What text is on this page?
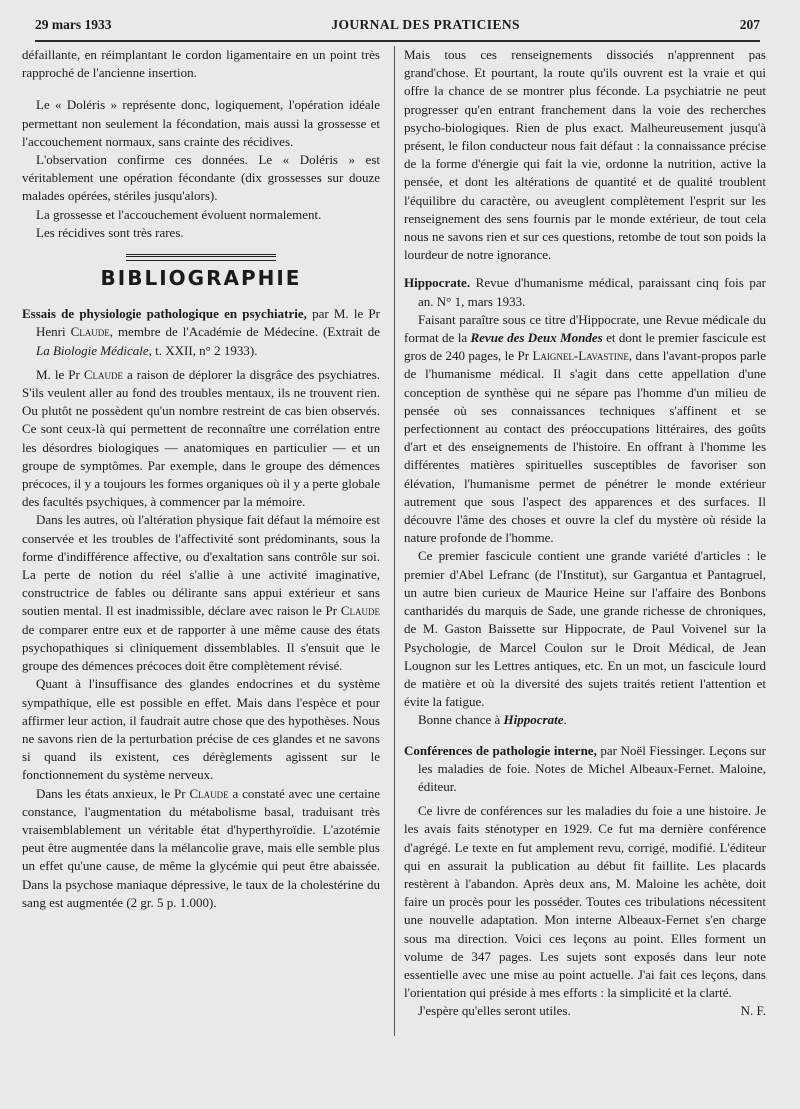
29 mars 1933	JOURNAL DES PRATICIENS	207

défaillante, en réimplantant le cordon ligamentaire en un point très rapproché de l'ancienne insertion.

Le « Doléris » représente donc, logiquement, l'opération idéale permettant non seulement la fécondation, mais aussi la grossesse et l'accouchement normaux, sans crainte des récidives.

L'observation confirme ces données. Le « Doléris » est véritablement une opération fécondante (dix grossesses sur douze malades opérées, stériles jusqu'alors).

La grossesse et l'accouchement évoluent normalement.

Les récidives sont très rares.

BIBLIOGRAPHIE

Essais de physiologie pathologique en psychiatrie, par M. le Pr Henri Claude, membre de l'Académie de Médecine. (Extrait de La Biologie Médicale, t. XXII, n° 2 1933).

M. le Pr Claude a raison de déplorer la disgrâce des psychiatres. S'ils veulent aller au fond des troubles mentaux, ils ne trouvent rien. Ou plutôt ne possèdent qu'un nombre restreint de cas bien observés. Ce sont ceux-là qui permettent de reconnaître une corrélation entre les désordres biologiques — anatomiques en particulier — et un groupe de symptômes. Par exemple, dans le groupe des démences précoces, il y a toujours les formes organiques où il y a perte globale des facultés psychiques, à commencer par la mémoire.

Dans les autres, où l'altération physique fait défaut la mémoire est conservée et les troubles de l'affectivité sont prédominants, sous la forme d'indifférence affective, ou d'exaltation sans contrôle sur soi. La perte de notion du réel s'allie à une activité imaginative, constructrice de fables ou délirante sans appui extérieur et sans soutien mental. Il est inadmissible, déclare avec raison le Pr Claude de comparer entre eux et de rapporter à une même cause des états psychopathiques si cliniquement dissemblables. Il s'ensuit que le groupe des démences précoces doit être complètement révisé.

Quant à l'insuffisance des glandes endocrines et du système sympathique, elle est possible en effet. Mais dans l'espèce et pour affirmer leur action, il faudrait autre chose que des hypothèses. Nous ne savons rien de la perturbation précise de ces glandes et ne savons si quand ils existent, ces dérèglements agissent sur le fonctionnement du système nerveux.

Dans les états anxieux, le Pr Claude a constaté avec une certaine constance, l'augmentation du métabolisme basal, traduisant très vraisemblablement un véritable état d'hyperthyroïdie. L'azotémie peut être augmentée dans la mélancolie grave, mais elle semble plus un effet qu'une cause, de même la glycémie qui peut être abaissée. Dans la psychose maniaque dépressive, le taux de la cholestérine du sang est augmentée (2 gr. 5 p. 1.000).

Mais tous ces renseignements dissociés n'apprennent pas grand'chose. Et pourtant, la route qu'ils ouvrent est la vraie et qui offre la chance de se montrer plus féconde. La psychiatrie ne peut progresser qu'en entrant franchement dans la voie des recherches psycho-biologiques. Rien de plus exact. Malheureusement jusqu'à présent, le filon conducteur nous fait défaut : la connaissance précise de la forme d'énergie qui fait la vie, ordonne la nutrition, active la pensée, et dont les altérations de quantité et de qualité troublent l'équilibre du caractère, ou aveuglent complètement l'esprit sur les renseignement des sens fournis par le monde extérieur, de tout cela nous ne savons rien et sur ces questions, retombe de tout son poids la lourdeur de notre ignorance.

Hippocrate. Revue d'humanisme médical, paraissant cinq fois par an. N° 1, mars 1933.

Faisant paraître sous ce titre d'Hippocrate, une Revue médicale du format de la Revue des Deux Mondes et dont le premier fascicule est gros de 240 pages, le Pr Laignel-Lavastine, dans l'avant-propos parle de l'humanisme médical. Il s'agit dans cette appellation d'une conception de synthèse qui ne sépare pas l'homme d'un milieu de pensée où ses connaissances techniques s'affinent et se perfectionnent au contact des préoccupations littéraires, des goûts d'art et des enseignements de l'histoire. En offrant à l'homme les différentes matières spirituelles susceptibles de favoriser son élévation, l'humanisme permet de pénétrer le monde extérieur autrement que sous l'aspect des apparences et des surfaces. Il découvre l'âme des choses et ouvre la clef du mystère où réside la nature profonde de l'homme.

Ce premier fascicule contient une grande variété d'articles : le premier d'Abel Lefranc (de l'Institut), sur Gargantua et Pantagruel, un autre bien curieux de Maurice Heine sur l'affaire des Bonbons cantharidés du marquis de Sade, une grande richesse de chroniques, de M. Gaston Baissette sur Hippocrate, de Paul Voivenel sur la Psychologie, de Marcel Coulon sur le Droit Médical, de Jean Lougnon sur les Lettres antiques, etc. En un mot, un fascicule lourd de matière et où la diversité des sujets traités retient l'attention et évite la fatigue.

Bonne chance à Hippocrate.

Conférences de pathologie interne, par Noël Fiessinger. Leçons sur les maladies de foie. Notes de Michel Albeaux-Fernet. Maloine, éditeur.

Ce livre de conférences sur les maladies du foie a une histoire. Je les avais faits sténotyper en 1929. Ce fut ma dernière conférence d'agrégé. Le texte en fut amplement revu, corrigé, modifié. L'éditeur qui en assurait la publication au début fit faillite. Les placards restèrent à l'abandon. Après deux ans, M. Maloine les achète, doit faire un procès pour les posséder. Toutes ces tribulations nécessitent une nouvelle adaptation. Mon interne Albeaux-Fernet s'en charge sous ma direction. Voici ces leçons au point. Elles forment un volume de 347 pages. Les sujets sont exposés dans leur note essentielle avec une mise au point actuelle. J'ai fait ces leçons, dans l'orientation qui préside à mes efforts : la simplicité et la clarté.

J'espère qu'elles seront utiles.	N. F.
